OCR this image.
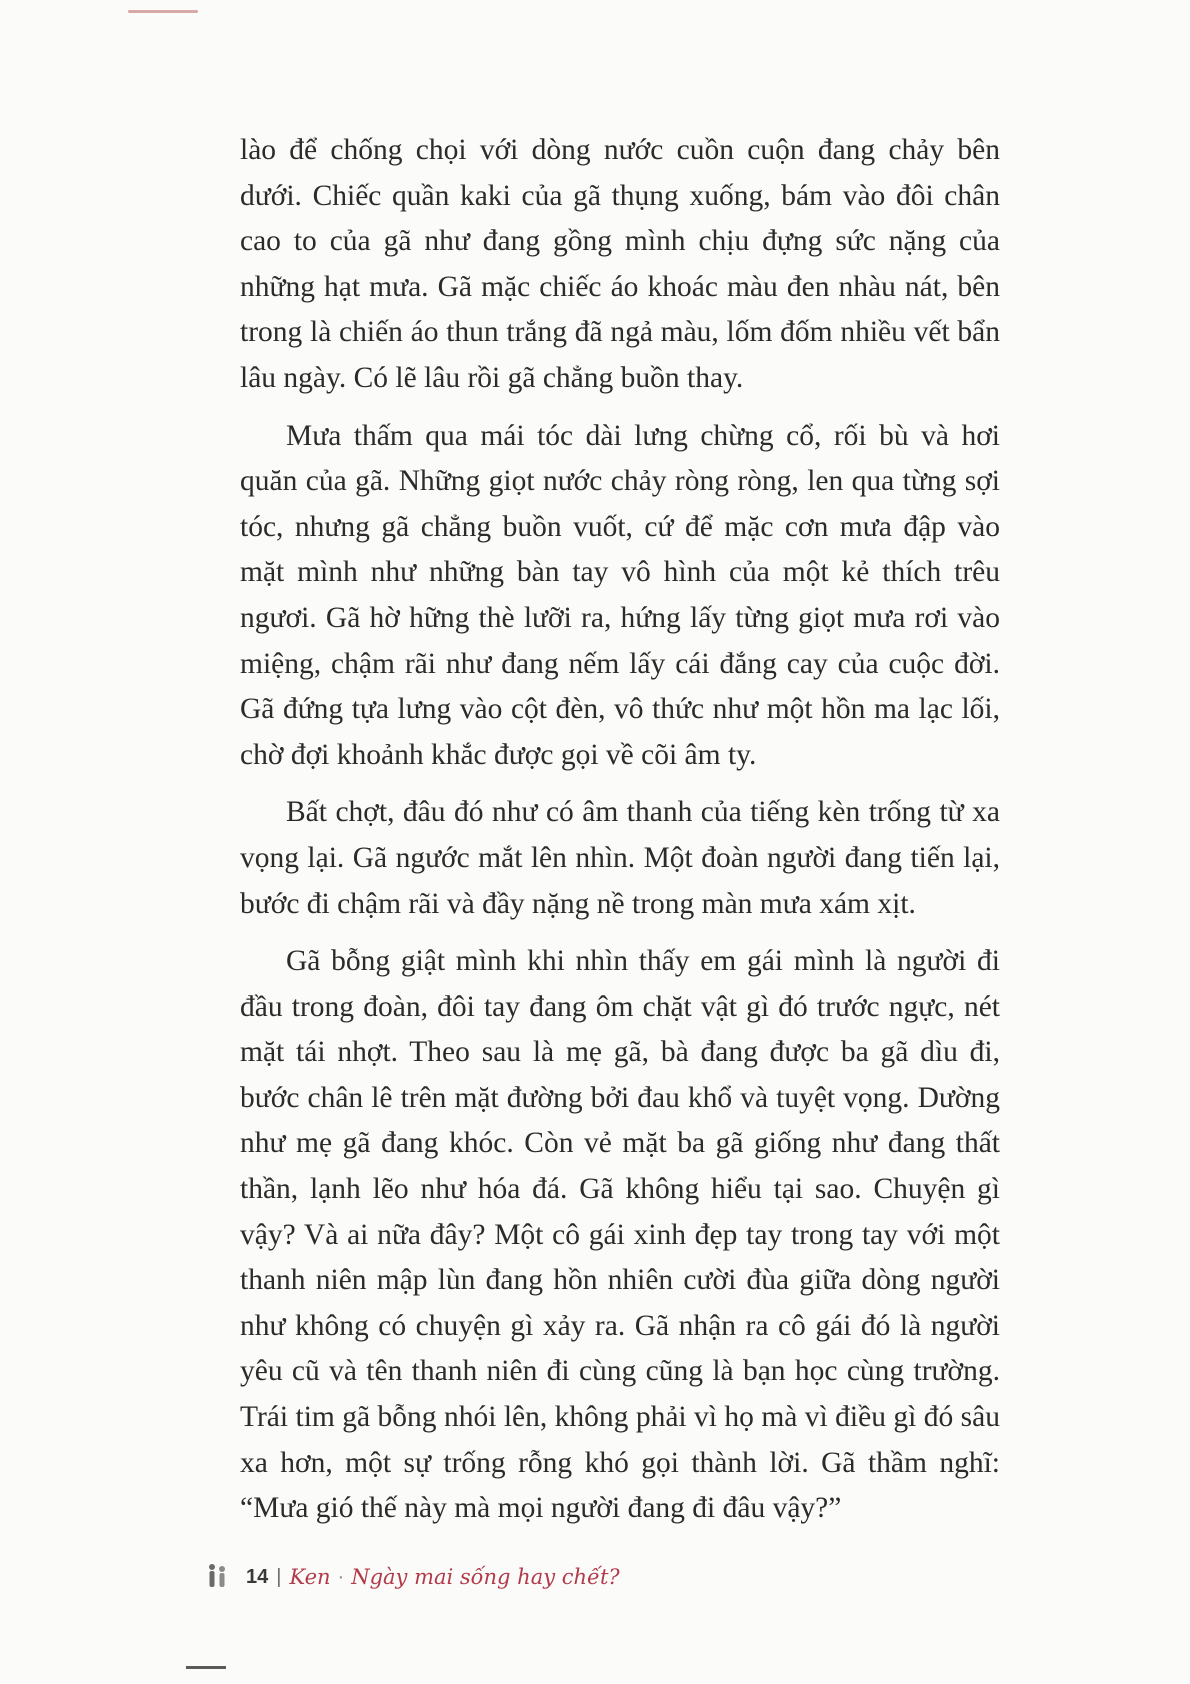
lào để chống chọi với dòng nước cuồn cuộn đang chảy bên dưới. Chiếc quần kaki của gã thụng xuống, bám vào đôi chân cao to của gã như đang gồng mình chịu đựng sức nặng của những hạt mưa. Gã mặc chiếc áo khoác màu đen nhàu nát, bên trong là chiến áo thun trắng đã ngả màu, lốm đốm nhiều vết bẩn lâu ngày. Có lẽ lâu rồi gã chẳng buồn thay.

Mưa thấm qua mái tóc dài lưng chừng cổ, rối bù và hơi quăn của gã. Những giọt nước chảy ròng ròng, len qua từng sợi tóc, nhưng gã chẳng buồn vuốt, cứ để mặc cơn mưa đập vào mặt mình như những bàn tay vô hình của một kẻ thích trêu ngươi. Gã hờ hững thè lưỡi ra, hứng lấy từng giọt mưa rơi vào miệng, chậm rãi như đang nếm lấy cái đắng cay của cuộc đời. Gã đứng tựa lưng vào cột đèn, vô thức như một hồn ma lạc lối, chờ đợi khoảnh khắc được gọi về cõi âm ty.

Bất chợt, đâu đó như có âm thanh của tiếng kèn trống từ xa vọng lại. Gã ngước mắt lên nhìn. Một đoàn người đang tiến lại, bước đi chậm rãi và đầy nặng nề trong màn mưa xám xịt.

Gã bỗng giật mình khi nhìn thấy em gái mình là người đi đầu trong đoàn, đôi tay đang ôm chặt vật gì đó trước ngực, nét mặt tái nhợt. Theo sau là mẹ gã, bà đang được ba gã dìu đi, bước chân lê trên mặt đường bởi đau khổ và tuyệt vọng. Dường như mẹ gã đang khóc. Còn vẻ mặt ba gã giống như đang thất thần, lạnh lẽo như hóa đá. Gã không hiểu tại sao. Chuyện gì vậy? Và ai nữa đây? Một cô gái xinh đẹp tay trong tay với một thanh niên mập lùn đang hồn nhiên cười đùa giữa dòng người như không có chuyện gì xảy ra. Gã nhận ra cô gái đó là người yêu cũ và tên thanh niên đi cùng cũng là bạn học cùng trường. Trái tim gã bỗng nhói lên, không phải vì họ mà vì điều gì đó sâu xa hơn, một sự trống rỗng khó gọi thành lời. Gã thầm nghĩ: “Mưa gió thế này mà mọi người đang đi đâu vậy?”

14 | Ken · Ngày mai sống hay chết?
